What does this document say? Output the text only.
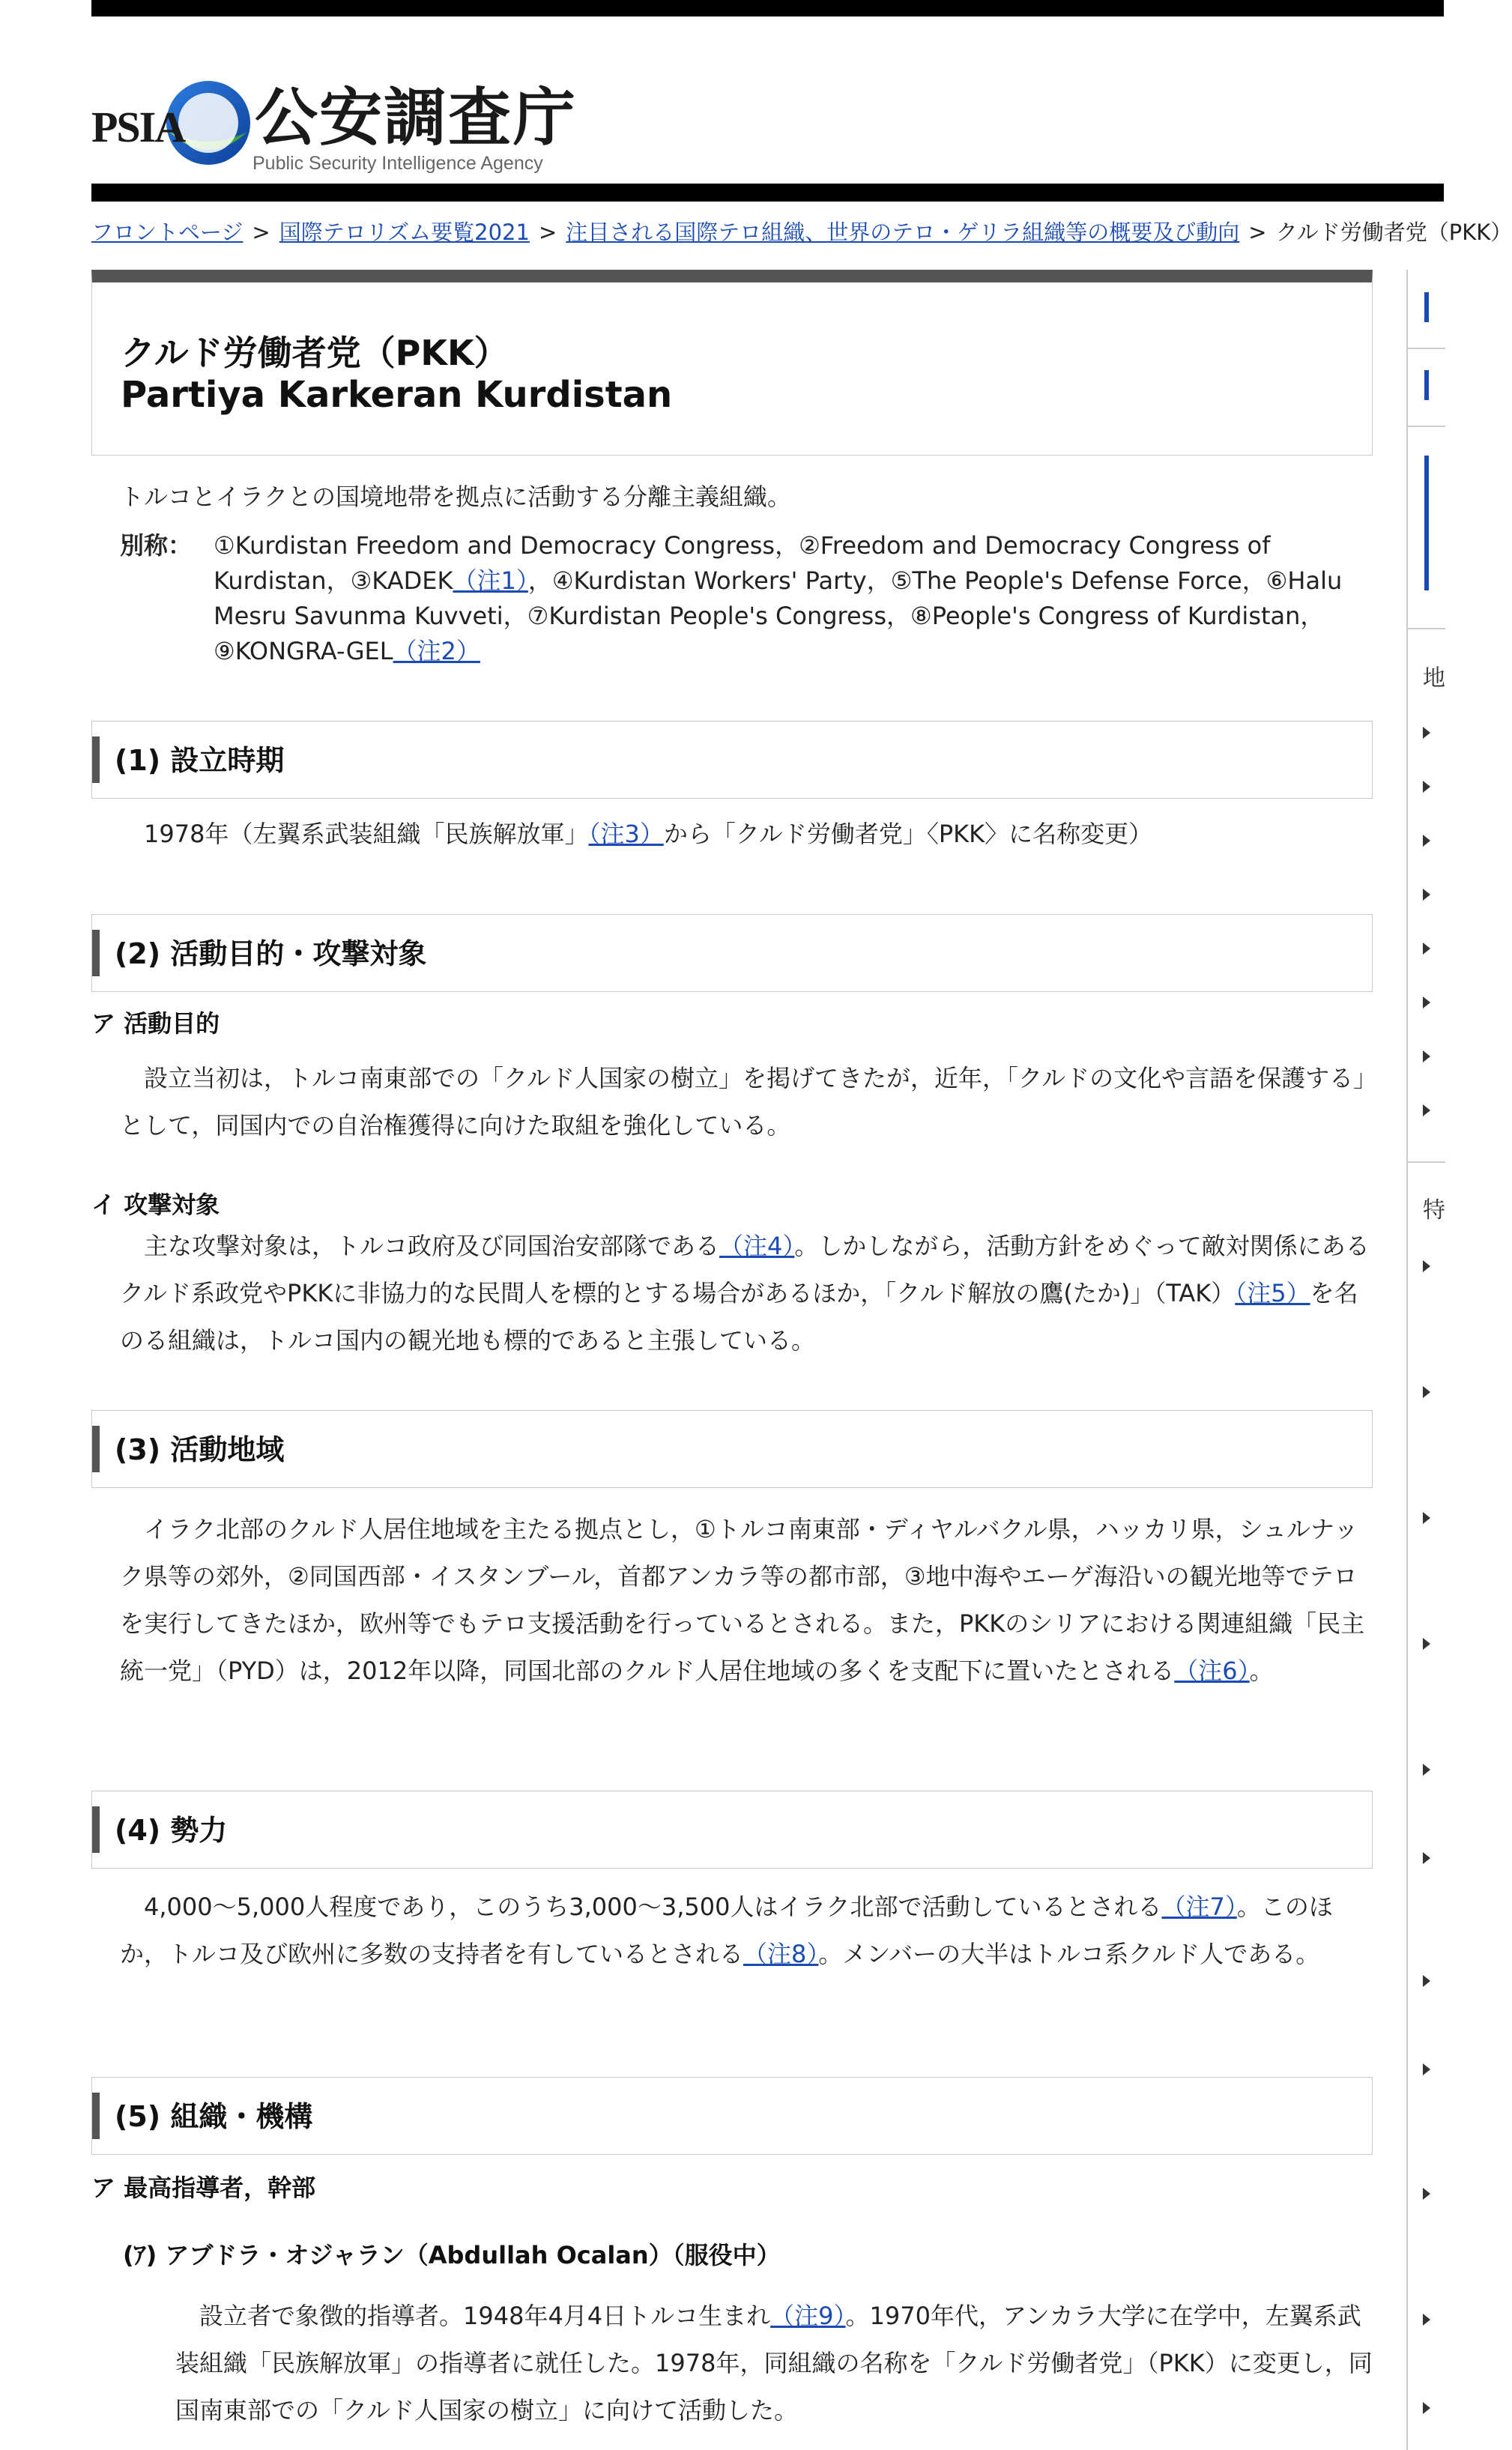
PSIA 公安調査庁
Public Security Intelligence Agency
フロントページ > 国際テロリズム要覧2021 > 注目される国際テロ組織、世界のテロ・ゲリラ組織等の概要及び動向 > クルド労働者党（PKK）
クルド労働者党（PKK）
Partiya Karkeran Kurdistan

トルコとイラクとの国境地帯を拠点に活動する分離主義組織。

別称： ①Kurdistan Freedom and Democracy Congress，②Freedom and Democracy Congress of Kurdistan，③KADEK（注1），④Kurdistan Workers' Party，⑤The People's Defense Force，⑥Halu Mesru Savunma Kuvveti，⑦Kurdistan People's Congress，⑧People's Congress of Kurdistan，⑨KONGRA-GEL（注2）
(1) 設立時期

1978年（左翼系武装組織「民族解放軍」（注3）から「クルド労働者党」〈PKK〉に名称変更）

(2) 活動目的・攻撃対象
ア 活動目的

設立当初は，トルコ南東部での「クルド人国家の樹立」を掲げてきたが，近年，「クルドの文化や言語を保護する」として，同国内での自治権獲得に向けた取組を強化している。

イ 攻撃対象

主な攻撃対象は，トルコ政府及び同国治安部隊である（注4）。しかしながら，活動方針をめぐって敵対関係にあるクルド系政党やPKKに非協力的な民間人を標的とする場合があるほか，「クルド解放の鷹(たか)」（TAK）（注5）を名のる組織は，トルコ国内の観光地も標的であると主張している。

(3) 活動地域

イラク北部のクルド人居住地域を主たる拠点とし，①トルコ南東部・ディヤルバクル県，ハッカリ県，シュルナック県等の郊外，②同国西部・イスタンブール，首都アンカラ等の都市部，③地中海やエーゲ海沿いの観光地等でテロを実行してきたほか，欧州等でもテロ支援活動を行っているとされる。また，PKKのシリアにおける関連組織「民主統一党」（PYD）は，2012年以降，同国北部のクルド人居住地域の多くを支配下に置いたとされる（注6）。

(4) 勢力

4,000～5,000人程度であり，このうち3,000～3,500人はイラク北部で活動しているとされる（注7）。このほか，トルコ及び欧州に多数の支持者を有しているとされる（注8）。メンバーの大半はトルコ系クルド人である。

(5) 組織・機構
ア 最高指導者，幹部
(ｱ) アブドラ・オジャラン（Abdullah Ocalan）（服役中）

設立者で象徴的指導者。1948年4月4日トルコ生まれ（注9）。1970年代，アンカラ大学に在学中，左翼系武装組織「民族解放軍」の指導者に就任した。1978年，同組織の名称を「クルド労働者党」（PKK）に変更し，同国南東部での「クルド人国家の樹立」に向けて活動した。

地
特
